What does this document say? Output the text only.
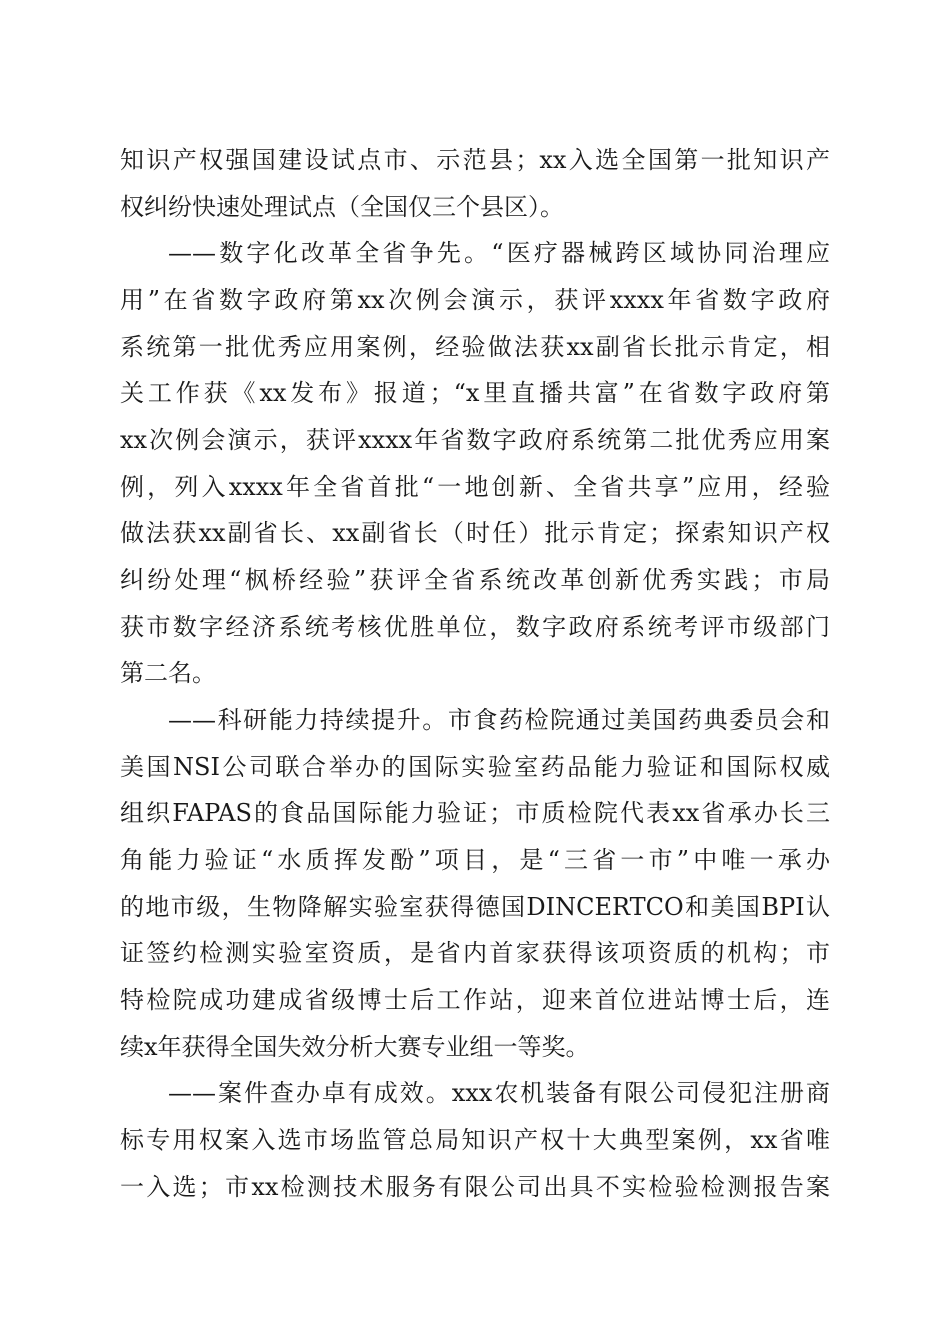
知识产权强国建设试点市、示范县；xx入选全国第一批知识产
权纠纷快速处理试点（全国仅三个县区）。
——数字化改革全省争先。“医疗器械跨区域协同治理应
用”在省数字政府第xx次例会演示，获评xxxx年省数字政府
系统第一批优秀应用案例，经验做法获xx副省长批示肯定，相
关工作获《xx发布》报道；“x里直播共富”在省数字政府第
xx次例会演示，获评xxxx年省数字政府系统第二批优秀应用案
例，列入xxxx年全省首批“一地创新、全省共享”应用，经验
做法获xx副省长、xx副省长（时任）批示肯定；探索知识产权
纠纷处理“枫桥经验”获评全省系统改革创新优秀实践；市局
获市数字经济系统考核优胜单位，数字政府系统考评市级部门
第二名。
——科研能力持续提升。市食药检院通过美国药典委员会和
美国NSI公司联合举办的国际实验室药品能力验证和国际权威
组织FAPAS的食品国际能力验证；市质检院代表xx省承办长三
角能力验证“水质挥发酚”项目，是“三省一市”中唯一承办
的地市级，生物降解实验室获得德国DINCERTCO和美国BPI认
证签约检测实验室资质，是省内首家获得该项资质的机构；市
特检院成功建成省级博士后工作站，迎来首位进站博士后，连
续x年获得全国失效分析大赛专业组一等奖。
——案件查办卓有成效。xxx农机装备有限公司侵犯注册商
标专用权案入选市场监管总局知识产权十大典型案例，xx省唯
一入选；市xx检测技术服务有限公司出具不实检验检测报告案
